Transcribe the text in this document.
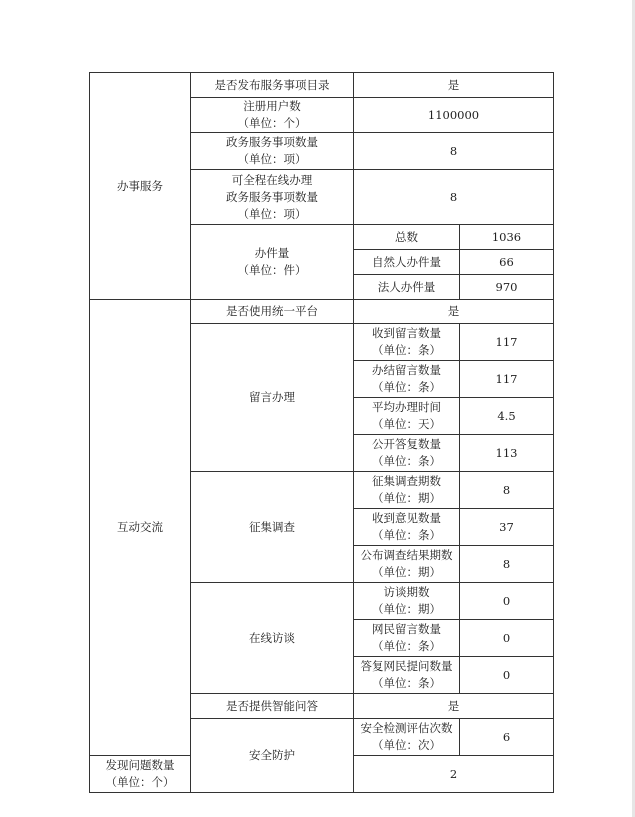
办事服务	是否发布服务事项目录	是	

	注册用户数
（单位：个）	1100000	

	政务服务事项数量
（单位：项）	8	

	可全程在线办理
政务服务事项数量
（单位：项）	8	

	办件量
（单位：件）	总数	1036
		自然人办件量	66
		法人办件量	970
互动交流	是否使用统一平台	是	
	留言办理	收到留言数量
（单位：条）	117

		办结留言数量
（单位：条）	117

		平均办理时间
（单位：天）	4.5

		公开答复数量
（单位：条）	113
	征集调查	征集调查期数
（单位：期）	8

		收到意见数量
（单位：条）	37

		公布调查结果期数
（单位：期）	8
	在线访谈	访谈期数
（单位：期）	0

		网民留言数量
（单位：条）	0

		答复网民提问数量
（单位：条）	0
	是否提供智能问答	是	
	安全防护	安全检测评估次数
（单位：次）	6

发现问题数量
（单位：个）		2	
